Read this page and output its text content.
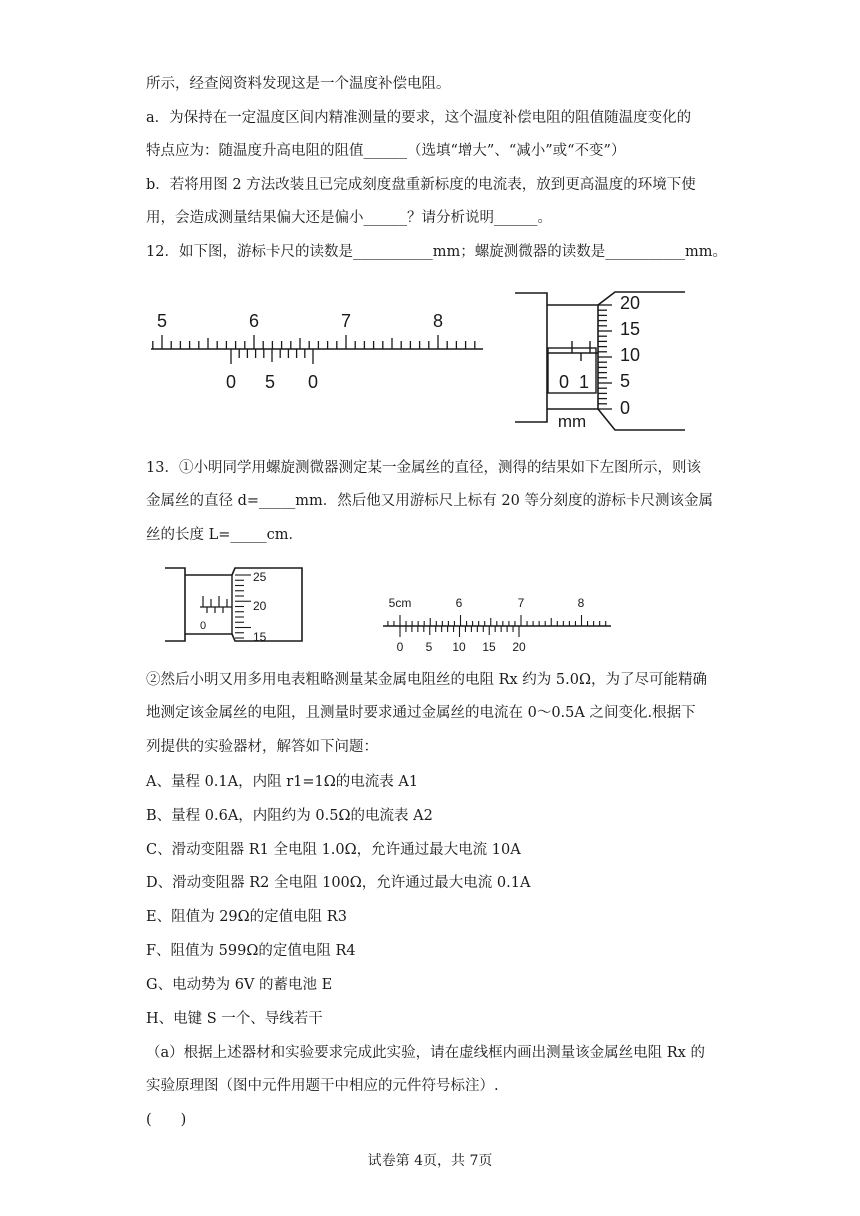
所示，经查阅资料发现这是一个温度补偿电阻。
a．为保持在一定温度区间内精准测量的要求，这个温度补偿电阻的阻值随温度变化的
特点应为：随温度升高电阻的阻值______（选填“增大”、“减小”或“不变”）
b．若将用图 2 方法改装且已完成刻度盘重新标度的电流表，放到更高温度的环境下使
用，会造成测量结果偏大还是偏小______？请分析说明______。
12．如下图，游标卡尺的读数是___________mm；螺旋测微器的读数是___________mm。
5	6	7	8
0 5 0	0 1
mm
20
15
10
5
0
13．①小明同学用螺旋测微器测定某一金属丝的直径，测得的结果如下左图所示，则该
金属丝的直径 d=_____mm．然后他又用游标尺上标有 20 等分刻度的游标卡尺测该金属
丝的长度 L=_____cm．
0
25
20
15
5cm	6	7	8
0 5 10 15 20
②然后小明又用多用电表粗略测量某金属电阻丝的电阻 Rx 约为 5.0Ω，为了尽可能精确
地测定该金属丝的电阻，且测量时要求通过金属丝的电流在 0～0.5A 之间变化.根据下
列提供的实验器材，解答如下问题：
A、量程 0.1A，内阻 r1=1Ω的电流表 A1
B、量程 0.6A，内阻约为 0.5Ω的电流表 A2
C、滑动变阻器 R1 全电阻 1.0Ω，允许通过最大电流 10A
D、滑动变阻器 R2 全电阻 100Ω，允许通过最大电流 0.1A
E、阻值为 29Ω的定值电阻 R3
F、阻值为 599Ω的定值电阻 R4
G、电动势为 6V 的蓄电池 E
H、电键 S 一个、导线若干
（a）根据上述器材和实验要求完成此实验，请在虚线框内画出测量该金属丝电阻 Rx 的
实验原理图（图中元件用题干中相应的元件符号标注）.
(　　)
试卷第 4页，共 7页
